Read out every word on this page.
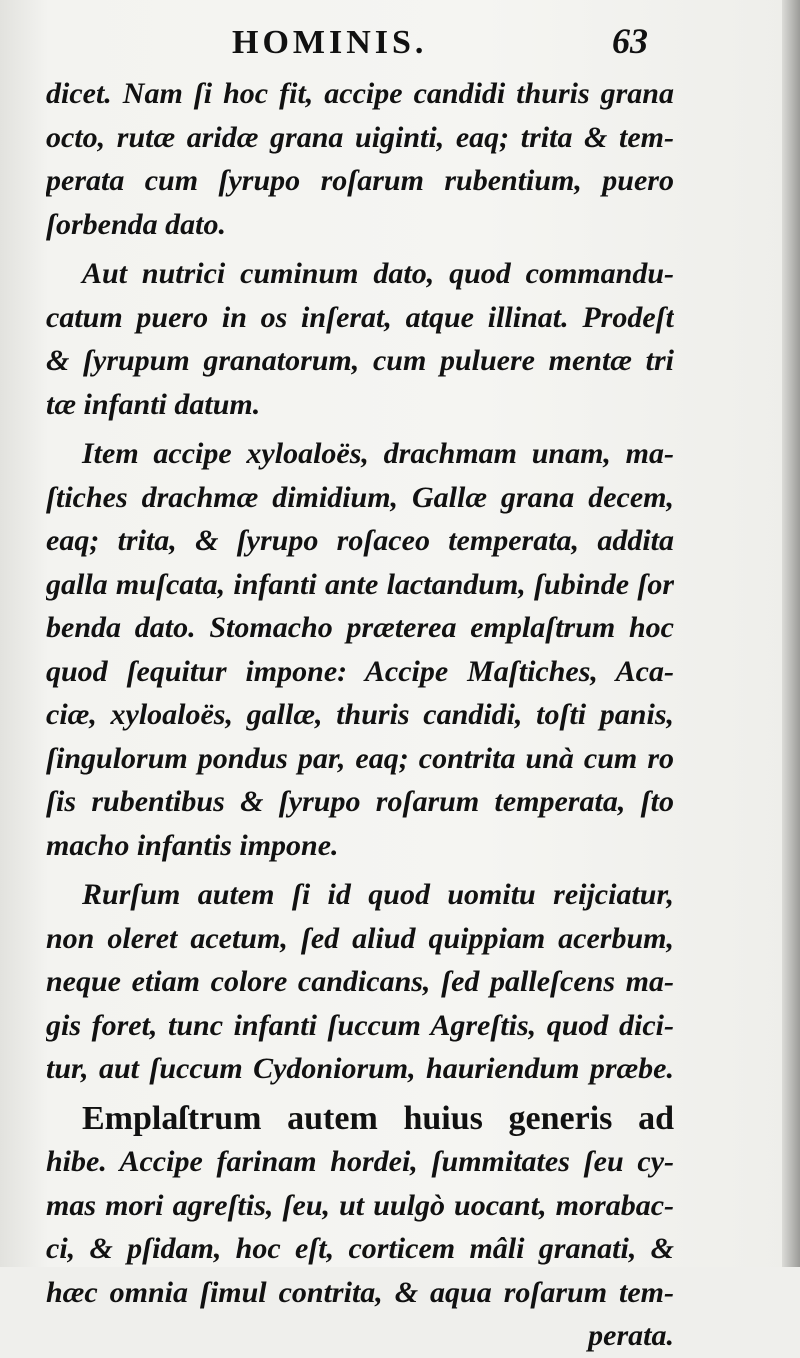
HOMINIS.	63
dicet. Nam ſi hoc fit, accipe candidi thuris grana
octo, rutæ aridæ grana uiginti, eaq; trita & tem-
perata cum ſyrupo roſarum rubentium, puero
ſorbenda dato.
Aut nutrici cuminum dato, quod commandu-
catum puero in os inſerat, atque illinat. Prodeſt
& ſyrupum granatorum, cum puluere mentæ tri
tæ infanti datum.
Item accipe xyloaloës, drachmam unam, ma-
ſtiches drachmæ dimidium, Gallæ grana decem,
eaq; trita, & ſyrupo roſaceo temperata, addita
galla muſcata, infanti ante lactandum, ſubinde ſor
benda dato. Stomacho præterea emplaſtrum hoc
quod ſequitur impone: Accipe Maſtiches, Aca-
ciæ, xyloaloës, gallæ, thuris candidi, toſti panis,
ſingulorum pondus par, eaq; contrita unà cum ro
ſis rubentibus & ſyrupo roſarum temperata, ſto
macho infantis impone.
Rurſum autem ſi id quod uomitu reijciatur,
non oleret acetum, ſed aliud quippiam acerbum,
neque etiam colore candicans, ſed palleſcens ma-
gis foret, tunc infanti ſuccum Agreſtis, quod dici-
tur, aut ſuccum Cydoniorum, hauriendum præbe.
Emplaſtrum autem huius generis ad
hibe. Accipe farinam hordei, ſummitates ſeu cy-
mas mori agreſtis, ſeu, ut uulgò uocant, morabac-
ci, & pſidam, hoc eſt, corticem mâli granati, &
hæc omnia ſimul contrita, & aqua roſarum tem-
perata.
